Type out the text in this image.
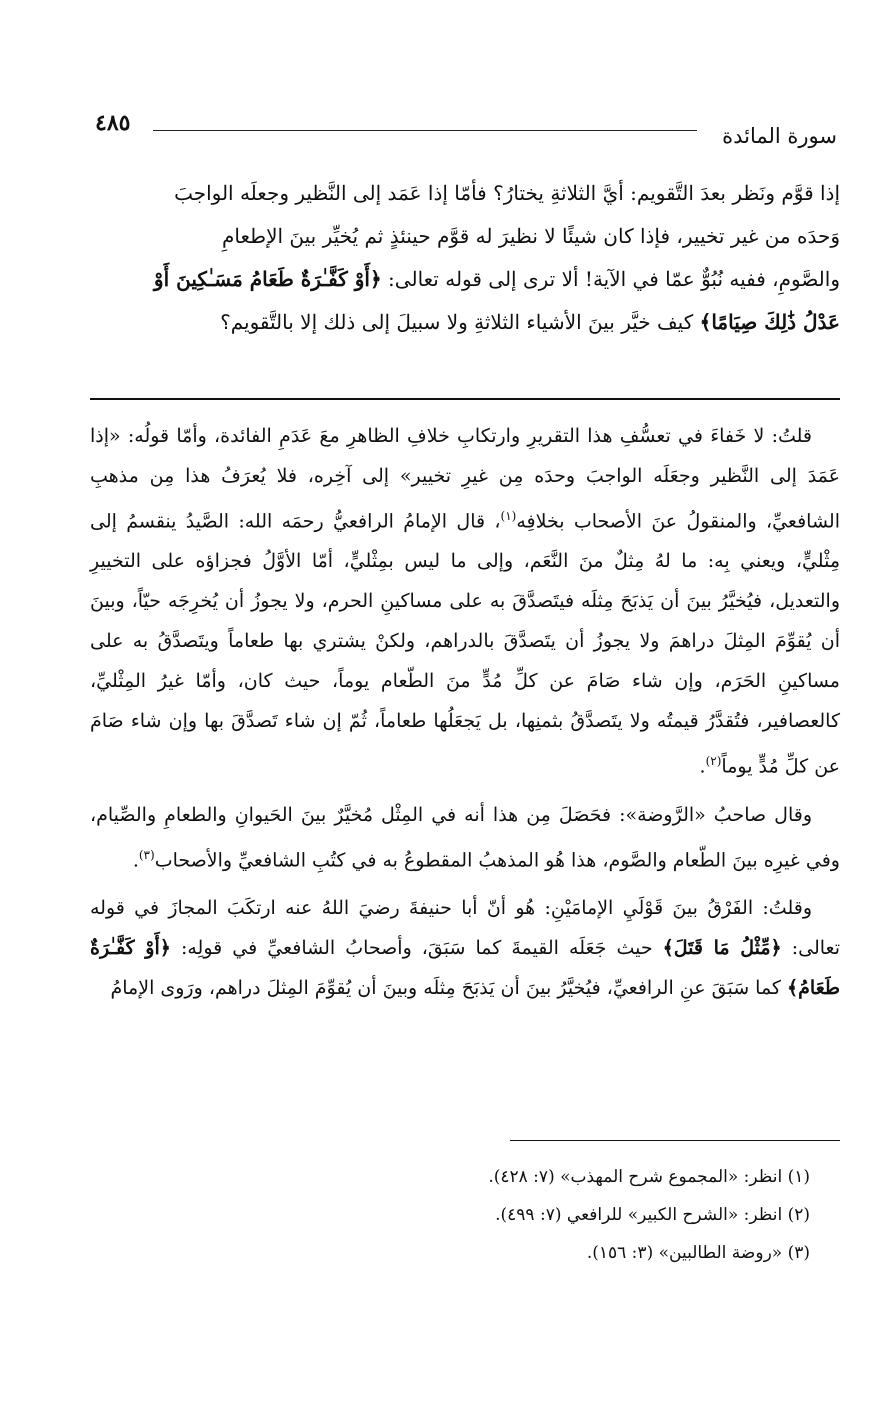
٤٨٥	سورة المائدة

إذا قوَّم ونَظر بعدَ التَّقويم: أيَّ الثلاثةِ يختارُ؟ فأمّا إذا عَمَد إلى النَّظير وجعلَه الواجبَ

وَحدَه من غير تخيير، فإذا كان شيئًا لا نظيرَ له قوَّم حينئذٍ ثم يُخيِّر بينَ الإطعامِ

والصَّومِ، ففيه نُبُوٌّ عمّا في الآية! ألا ترى إلى قوله تعالى: ﴿أَوْ كَفَّـٰرَةٌ طَعَامُ مَسَـٰكِينَ أَوْ

عَدْلُ ذَٰلِكَ صِيَامًا﴾ كيف خيَّر بينَ الأشياء الثلاثةِ ولا سبيلَ إلى ذلك إلا بالتَّقويم؟

قلتُ: لا خَفاءَ في تعسُّفِ هذا التقريرِ وارتكابِ خلافِ الظاهرِ معَ عَدَمِ الفائدة، وأمّا قولُه: «إذا عَمَدَ إلى النَّظير وجعَلَه الواجبَ وحدَه مِن غيرِ تخيير» إلى آخِره، فلا يُعرَفُ هذا مِن مذهبِ الشافعيِّ، والمنقولُ عنَ الأصحاب بخلافِه$^{(١)}$، قال الإمامُ الرافعيُّ رحمَه الله: الصَّيدُ ينقسمُ إلى مِثْليٍّ، ويعني بِه: ما لهُ مِثلٌ منَ النَّعَم، وإلى ما ليس بمِثْليٍّ، أمّا الأوَّلُ فجزاؤه على التخييرِ والتعديل، فيُخيَّرُ بينَ أن يَذبَحَ مِثلَه فيتَصدَّقَ به على مساكينِ الحرم، ولا يجوزُ أن يُخرِجَه حيّاً، وبينَ أن يُقوِّمَ المِثلَ دراهمَ ولا يجوزُ أن يتَصدَّقَ بالدراهم، ولكنْ يشتري بها طعاماً ويتَصدَّقُ به على مساكينِ الحَرَم، وإن شاء صَامَ عن كلِّ مُدٍّ منَ الطّعام يوماً، حيث كان، وأمّا غيرُ المِثْليِّ، كالعصافير، فتُقدَّرُ قيمتُه ولا يتَصدَّقُ بثمنِها، بل يَجعَلُها طعاماً، ثُمّ إن شاء تَصدَّقَ بها وإن شاء صَامَ عن كلِّ مُدٍّ يوماً$^{(٢)}$.

وقال صاحبُ «الرَّوضة»: فحَصَلَ مِن هذا أنه في المِثْل مُخيَّرٌ بينَ الحَيوانِ والطعامِ والصِّيام، وفي غيرِه بينَ الطّعام والصَّوم، هذا هُو المذهبُ المقطوعُ به في كتُبِ الشافعيِّ والأصحاب$^{(٣)}$.

وقلتُ: الفَرْقُ بينَ قَوْلَيِ الإمامَيْنِ: هُو أنّ أبا حنيفةَ رضيَ اللهُ عنه ارتكَبَ المجازَ في قوله تعالى: ﴿مِّثْلُ مَا قَتَلَ﴾ حيث جَعَلَه القيمةَ كما سَبَقَ، وأصحابُ الشافعيِّ في قولِه: ﴿أَوْ كَفَّـٰرَةٌ طَعَامُ﴾ كما سَبَقَ عنِ الرافعيِّ، فيُخيَّرُ بينَ أن يَذبَحَ مِثلَه وبينَ أن يُقوِّمَ المِثلَ دراهم، ورَوى الإمامُ

(١) انظر: «المجموع شرح المهذب» (٧: ٤٢٨).
(٢) انظر: «الشرح الكبير» للرافعي (٧: ٤٩٩).
(٣) «روضة الطالبين» (٣: ١٥٦).
